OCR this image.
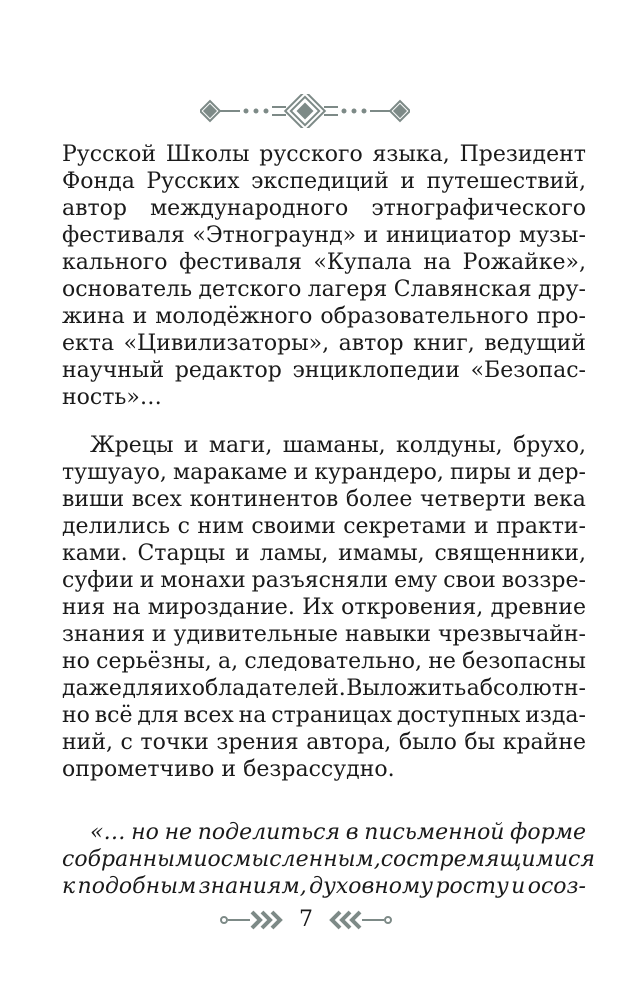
Русской Школы русского языка, Президент
Фонда Русских экспедиций и путешествий,
автор международного этнографического
фестиваля «Этнограунд» и инициатор музы-
кального фестиваля «Купала на Рожайке»,
основатель детского лагеря Славянская дру-
жина и молодёжного образовательного про-
екта «Цивилизаторы», автор книг, ведущий
научный редактор энциклопедии «Безопас-
ность»…
Жрецы и маги, шаманы, колдуны, брухо,
тушуауо, маракаме и курандеро, пиры и дер-
виши всех континентов более четверти века
делились с ним своими секретами и практи-
ками. Старцы и ламы, имамы, священники,
суфии и монахи разъясняли ему свои воззре-
ния на мироздание. Их откровения, древние
знания и удивительные навыки чрезвычайн-
но серьёзны, а, следовательно, не безопасны
даже для их обладателей. Выложить абсолютн-
но всё для всех на страницах доступных изда-
ний, с точки зрения автора, было бы крайне
опрометчиво и безрассудно.
«… но не поделиться в письменной форме
собранным и осмысленным, со стремящимися
к подобным знаниям, духовному росту и осоз-
7
